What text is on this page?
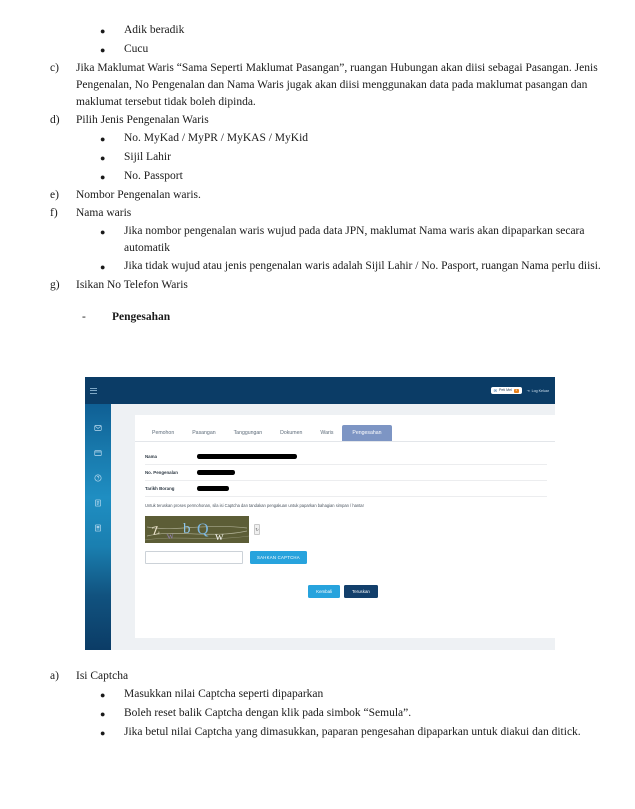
●	Adik beradik
●	Cucu
c)	Jika Maklumat Waris “Sama Seperti Maklumat Pasangan”, ruangan Hubungan akan diisi sebagai Pasangan. Jenis Pengenalan, No Pengenalan dan Nama Waris jugak akan diisi menggunakan data pada maklumat pasangan dan maklumat tersebut tidak boleh dipinda.
d)	Pilih Jenis Pengenalan Waris
●	No. MyKad / MyPR / MyKAS / MyKid
●	Sijil Lahir
●	No. Passport
e)	Nombor Pengenalan waris.
f)	Nama waris
●	Jika nombor pengenalan waris wujud pada data JPN, maklumat Nama waris akan dipaparkan secara automatik
●	Jika tidak wujud atau jenis pengenalan waris adalah Sijil Lahir / No. Pasport, ruangan Nama perlu diisi.
g)	Isikan No Telefon Waris
-	Pengesahan
✉ Peti Mel	1	⇥ Log Keluar
Pemohon	Pasangan	Tanggungan	Dokumen	Waris	Pengesahan
Nama
No. Pengenalan
Tarikh Borang
Untuk teruskan proses permohonan, sila isi Captcha dan tandakan pengakuan untuk paparkan bahagian simpan / hantar
Z w b Q w	↻
SAHKAN CAPTCHA
Kembali	Teruskan
a)	Isi Captcha
●	Masukkan nilai Captcha seperti dipaparkan
●	Boleh reset balik Captcha dengan klik pada simbok “Semula”.
●	Jika betul nilai Captcha yang dimasukkan, paparan pengesahan dipaparkan untuk diakui dan ditick.
